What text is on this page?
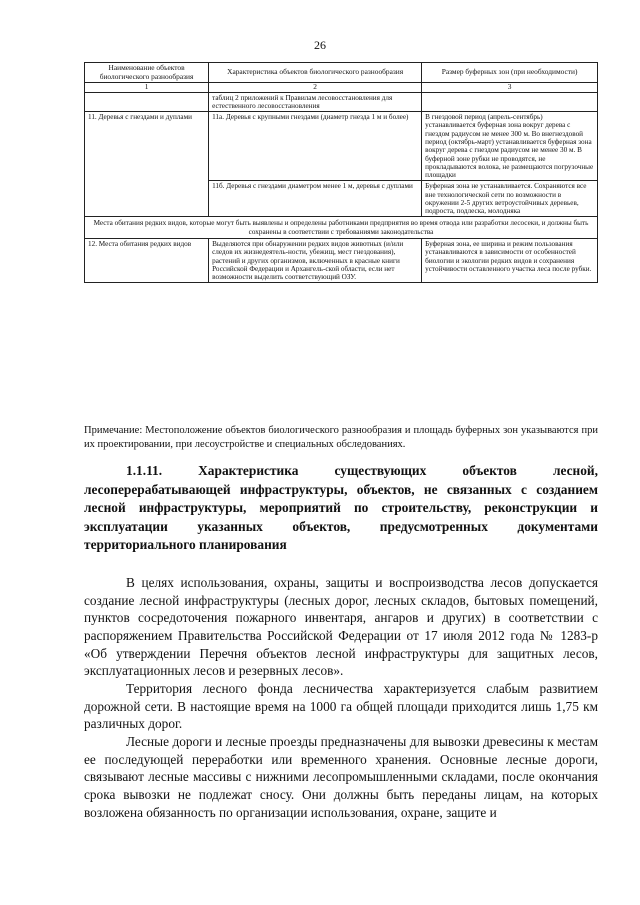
26
Наименование объектов биологического разнообразия	Характеристика объектов биологического разнообразия	Размер буферных зон (при необходимости)
1	2	3
	таблиц 2 приложений к Правилам лесовосстановления для естественного лесовосстановления	
11. Деревья с гнездами и дуплами	11а. Деревья с крупными гнездами (диаметр гнезда 1 м и более)	В гнездовой период (апрель-сентябрь) устанавливается буферная зона вокруг дерева с гнездом радиусом не менее 300 м. Во внегнездовой период (октябрь-март) устанавливается буферная зона вокруг дерева с гнездом радиусом не менее 30 м. В буферной зоне рубки не проводятся, не прокладываются волока, не размещаются погрузочные площадки
	11б. Деревья с гнездами диаметром менее 1 м, деревья с дуплами	Буферная зона не устанавливается. Сохраняются все вне технологической сети по возможности в окружении 2-5 других ветроустойчивых деревьев, подроста, подлеска, молодняка
Места обитания редких видов, которые могут быть выявлены и определены работниками предприятия во время отвода или разработки лесосеки, и должны быть сохранены в соответствии с требованиями законодательства		
12. Места обитания редких видов	Выделяются при обнаружении редких видов животных (и/или следов их жизнедеятель-ности, убежищ, мест гнездования), растений и других организмов, включенных в красные книги Российской Федерации и Архангель-ской области, если нет возможности выделить соответствующий ОЗУ.	Буферная зона, ее ширина и режим пользования устанавливаются в зависимости от особенностей биологии и экологии редких видов и сохранения устойчивости оставленного участка леса после рубки.
Примечание: Местоположение объектов биологического разнообразия и площадь буферных зон указываются при их проектировании, при лесоустройстве и специальных обследованиях.
1.1.11. Характеристика существующих объектов лесной, лесоперерабатывающей инфраструктуры, объектов, не связанных с созданием лесной инфраструктуры, мероприятий по строительству, реконструкции и эксплуатации указанных объектов, предусмотренных документами территориального планирования

В целях использования, охраны, защиты и воспроизводства лесов допускается создание лесной инфраструктуры (лесных дорог, лесных складов, бытовых помещений, пунктов сосредоточения пожарного инвентаря, ангаров и других) в соответствии с распоряжением Правительства Российской Федерации от 17 июля 2012 года № 1283-р «Об утверждении Перечня объектов лесной инфраструктуры для защитных лесов, эксплуатационных лесов и резервных лесов».

Территория лесного фонда лесничества характеризуется слабым развитием дорожной сети. В настоящие время на 1000 га общей площади приходится лишь 1,75 км различных дорог.

Лесные дороги и лесные проезды предназначены для вывозки древесины к местам ее последующей переработки или временного хранения. Основные лесные дороги, связывают лесные массивы с нижними лесопромышленными складами, после окончания срока вывозки не подлежат сносу. Они должны быть переданы лицам, на которых возложена обязанность по организации использования, охране, защите и
